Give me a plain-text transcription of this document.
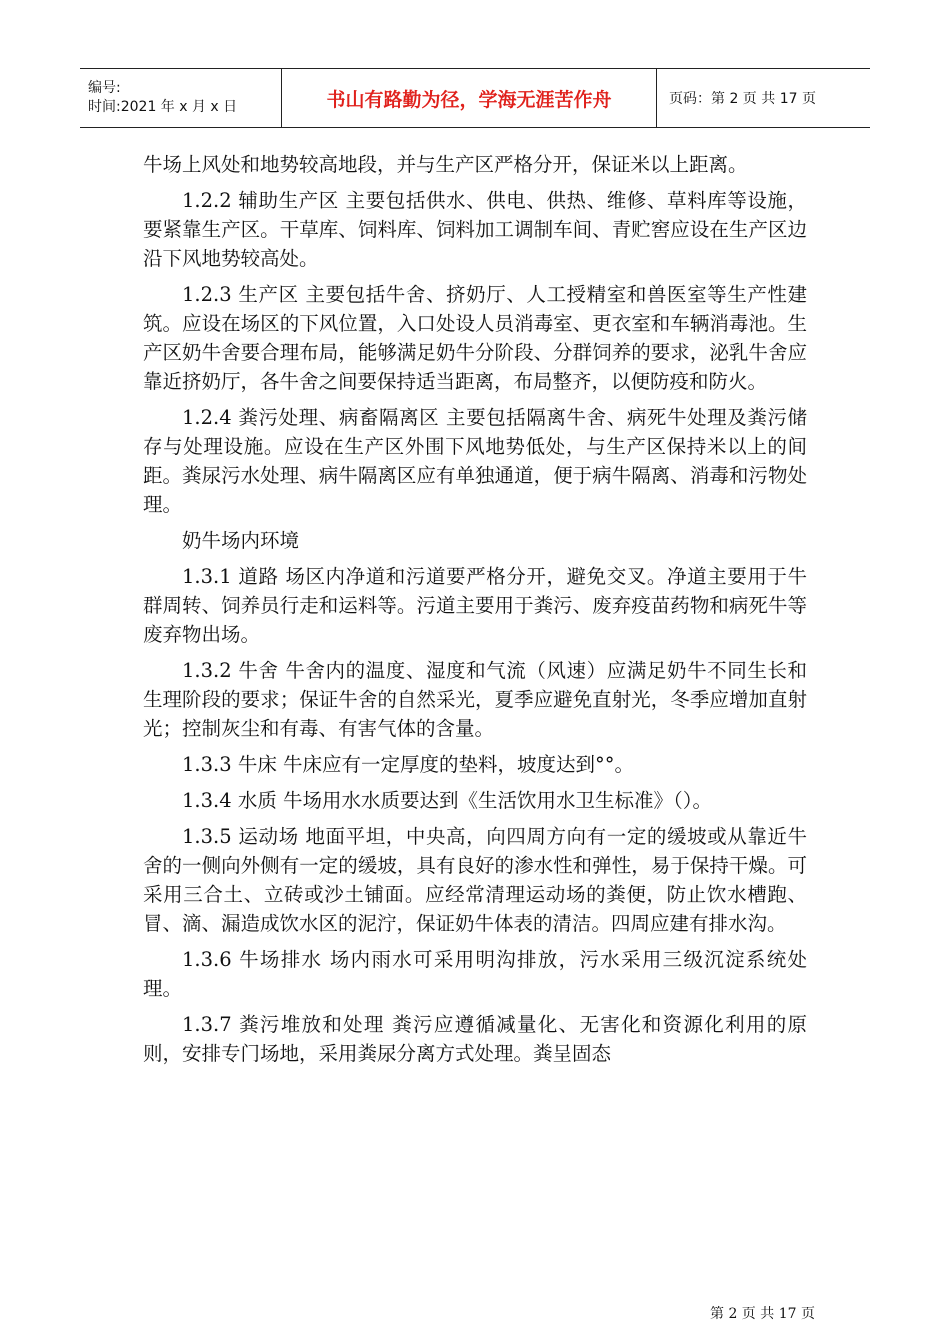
编号:
时间:2021 年 x 月 x 日	书山有路勤为径，学海无涯苦作舟	页码：第 2 页 共 17 页

牛场上风处和地势较高地段，并与生产区严格分开，保证米以上距离。

1.2.2 辅助生产区 主要包括供水、供电、供热、维修、草料库等设施，要紧靠生产区。干草库、饲料库、饲料加工调制车间、青贮窖应设在生产区边沿下风地势较高处。

1.2.3 生产区 主要包括牛舍、挤奶厅、人工授精室和兽医室等生产性建筑。应设在场区的下风位置，入口处设人员消毒室、更衣室和车辆消毒池。生产区奶牛舍要合理布局，能够满足奶牛分阶段、分群饲养的要求，泌乳牛舍应靠近挤奶厅，各牛舍之间要保持适当距离，布局整齐，以便防疫和防火。

1.2.4 粪污处理、病畜隔离区 主要包括隔离牛舍、病死牛处理及粪污储存与处理设施。应设在生产区外围下风地势低处，与生产区保持米以上的间距。粪尿污水处理、病牛隔离区应有单独通道，便于病牛隔离、消毒和污物处理。

奶牛场内环境

1.3.1 道路 场区内净道和污道要严格分开，避免交叉。净道主要用于牛群周转、饲养员行走和运料等。污道主要用于粪污、废弃疫苗药物和病死牛等废弃物出场。

1.3.2 牛舍 牛舍内的温度、湿度和气流（风速）应满足奶牛不同生长和生理阶段的要求；保证牛舍的自然采光，夏季应避免直射光，冬季应增加直射光；控制灰尘和有毒、有害气体的含量。

1.3.3 牛床 牛床应有一定厚度的垫料，坡度达到°°。

1.3.4 水质 牛场用水水质要达到《生活饮用水卫生标准》（）。

1.3.5 运动场 地面平坦，中央高，向四周方向有一定的缓坡或从靠近牛舍的一侧向外侧有一定的缓坡，具有良好的渗水性和弹性，易于保持干燥。可采用三合土、立砖或沙土铺面。应经常清理运动场的粪便，防止饮水槽跑、冒、滴、漏造成饮水区的泥泞，保证奶牛体表的清洁。四周应建有排水沟。

1.3.6 牛场排水 场内雨水可采用明沟排放，污水采用三级沉淀系统处理。

1.3.7 粪污堆放和处理 粪污应遵循减量化、无害化和资源化利用的原则，安排专门场地，采用粪尿分离方式处理。粪呈固态

第 2 页 共 17 页
